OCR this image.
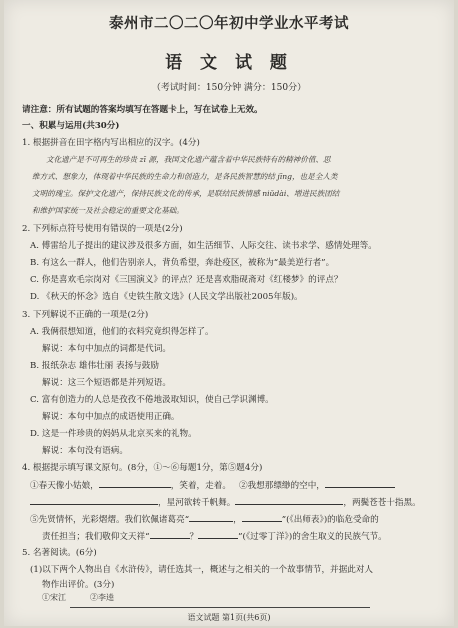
泰州市二〇二〇年初中学业水平考试
语 文 试 题
（考试时间：150分钟 满分：150分）
请注意：所有试题的答案均填写在答题卡上，写在试卷上无效。
一、积累与运用(共30分)
1. 根据拼音在田字格内写出相应的汉字。(4分)
文化遗产是不可再生的珍贵 zī 源，我国文化遗产蕴含着中华民族特有的精神价值、思
维方式、想象力，体现着中华民族的生命力和创造力，是各民族智慧的结 jīng，也是全人类
文明的瑰宝。保护文化遗产，保持民族文化的传承，是联结民族情感 niǔdài、增进民族团结
和维护国家统一及社会稳定的重要文化基础。
2. 下列标点符号使用有错误的一项是(2分)
A. 傅雷给儿子提出的建议涉及很多方面，如生活细节、人际交往、读书求学、感情处理等。
B. 有这么一群人，他们告别亲人，背负希望，奔赴疫区，被称为“最美逆行者”。
C. 你是喜欢毛宗岗对《三国演义》的评点？还是喜欢脂砚斋对《红楼梦》的评点？
D. 《秋天的怀念》选自《史铁生散文选》(人民文学出版社2005年版)。
3. 下列解说不正确的一项是(2分)
A. 我俩很想知道，他们的衣料究竟织得怎样了。
解说：本句中加点的词都是代词。
B. 报纸杂志 雄伟壮丽 表扬与鼓励
解说：这三个短语都是并列短语。
C. 富有创造力的人总是孜孜不倦地汲取知识，使自己学识渊博。
解说：本句中加点的成语使用正确。
D. 这是一件珍贵的妈妈从北京买来的礼物。
解说：本句没有语病。
4. 根据提示填写课文原句。(8分，①～⑥每题1分，第⑤题4分)
①春天像小姑娘，	，笑着，走着。 ②我想那缥缈的空中，
，星河欲转千帆舞。	，两鬓苍苍十指黑。
⑤先贤情怀，光彩熠熠。我们钦佩诸葛亮“	，	”(《出师表》)的临危受命的
责任担当；我们敬仰文天祥“	？	”(《过零丁洋》)的舍生取义的民族气节。
5. 名著阅读。(6分)
(1)以下两个人物出自《水浒传》，请任选其一，概述与之相关的一个故事情节，并据此对人
物作出评价。(3分)
①宋江	②李逵
语文试题 第1页(共6页)
